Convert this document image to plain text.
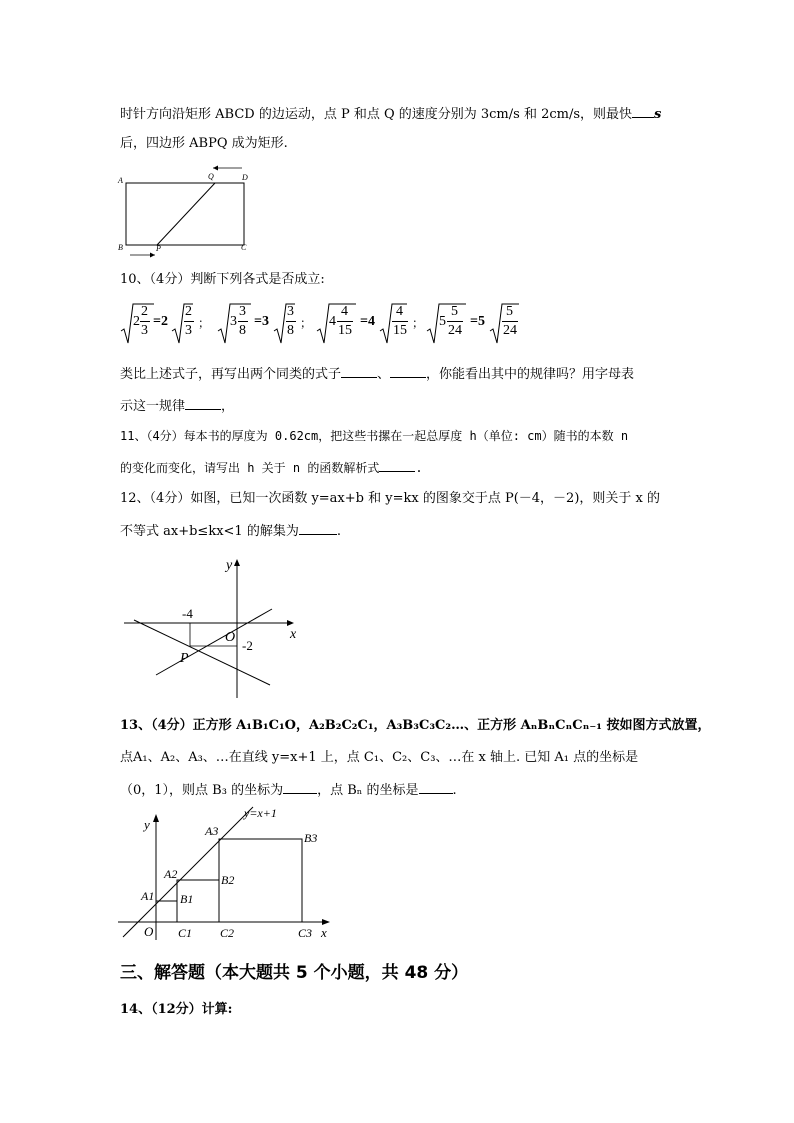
时针方向沿矩形 ABCD 的边运动，点 P 和点 Q 的速度分别为 3cm/s 和 2cm/s，则最快 s
后，四边形 ABPQ 成为矩形.
A
B	C
D
P
Q
10、（4分）判断下列各式是否成立:
2
2
3
=2
2
3 ； 3
3
8
=3
3
8 ； 4
4
15
=4
4
15 ； 5
5
24
=5
5
24
类比上述式子，再写出两个同类的式子	、	，你能看出其中的规律吗？用字母表
示这一规律	，
11、（4分）每本书的厚度为 0.62cm，把这些书摞在一起总厚度 h（单位: cm）随书的本数 n
的变化而变化，请写出 h 关于 n 的函数解析式	.
12、（4分）如图，已知一次函数 y=ax+b 和 y=kx 的图象交于点 P(－4，－2)，则关于 x 的
不等式 ax+b≤kx<1 的解集为	.
y
x
O
P
-4
-2
13、（4分）正方形 A₁B₁C₁O，A₂B₂C₂C₁，A₃B₃C₃C₂…、正方形 AₙBₙCₙCₙ₋₁ 按如图方式放置，
点A₁、A₂、A₃、…在直线 y=x+1 上，点 C₁、C₂、C₃、…在 x 轴上. 已知 A₁ 点的坐标是
（0，1），则点 B₃ 的坐标为	，点 Bₙ 的坐标是	.
y=x+1
y
x
O
A1
A2
A3
B1
B2
B3
C1 C2	C3
三、解答题（本大题共 5 个小题，共 48 分）
14、（12分）计算:
